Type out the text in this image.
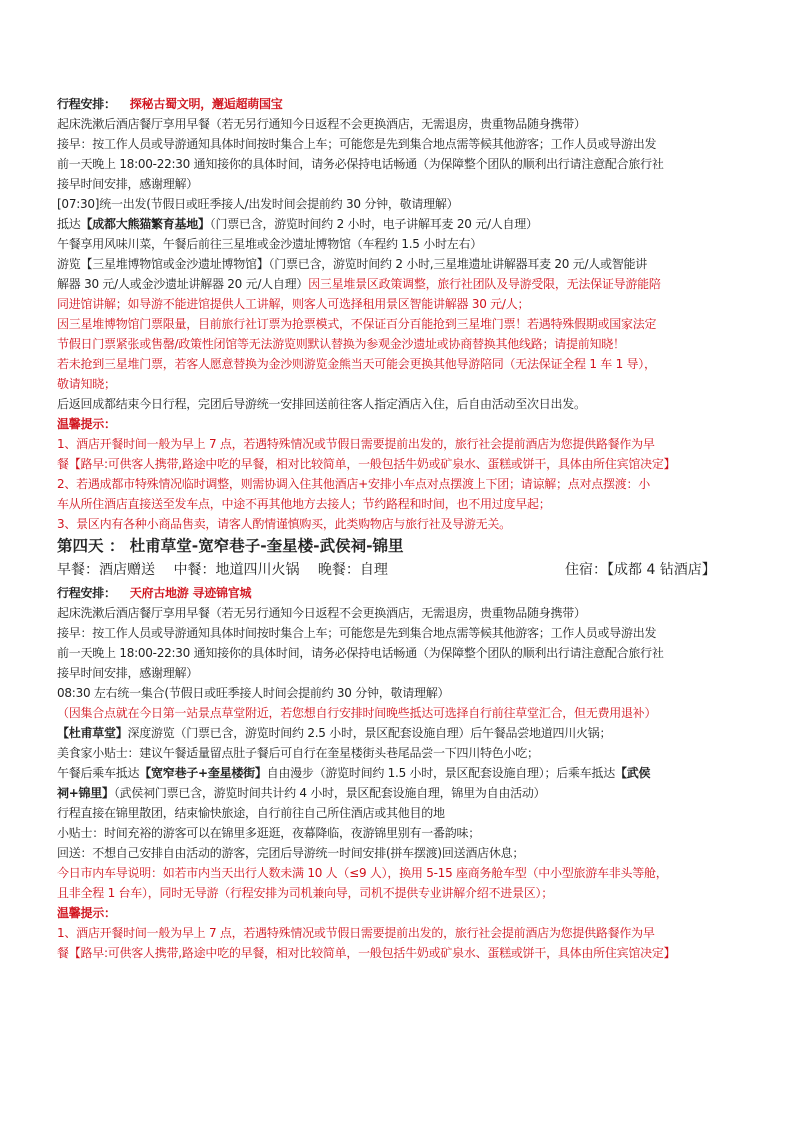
行程安排： 探秘古蜀文明，邂逅超萌国宝

起床洗漱后酒店餐厅享用早餐（若无另行通知今日返程不会更换酒店，无需退房，贵重物品随身携带）

接早：按工作人员或导游通知具体时间按时集合上车；可能您是先到集合地点需等候其他游客；工作人员或导游出发

前一天晚上 18:00-22:30 通知接你的具体时间，请务必保持电话畅通（为保障整个团队的顺利出行请注意配合旅行社

接早时间安排，感谢理解）

[07:30]统一出发(节假日或旺季接人/出发时间会提前约 30 分钟，敬请理解）

抵达【成都大熊猫繁育基地】（门票已含，游览时间约 2 小时，电子讲解耳麦 20 元/人自理）

午餐享用风味川菜，午餐后前往三星堆或金沙遗址博物馆（车程约 1.5 小时左右）

游览【三星堆博物馆或金沙遗址博物馆】（门票已含，游览时间约 2 小时,三星堆遗址讲解器耳麦 20 元/人或智能讲

解器 30 元/人或金沙遗址讲解器 20 元/人自理）因三星堆景区政策调整，旅行社团队及导游受限，无法保证导游能陪

同进馆讲解；如导游不能进馆提供人工讲解，则客人可选择租用景区智能讲解器 30 元/人；

因三星堆博物馆门票限量，目前旅行社订票为抢票模式，不保证百分百能抢到三星堆门票！若遇特殊假期或国家法定

节假日门票紧张或售罄/政策性闭馆等无法游览则默认替换为参观金沙遗址或协商替换其他线路；请提前知晓！

若未抢到三星堆门票，若客人愿意替换为金沙则游览金熊当天可能会更换其他导游陪同（无法保证全程 1 车 1 导），

敬请知晓；

后返回成都结束今日行程，完团后导游统一安排回送前往客人指定酒店入住，后自由活动至次日出发。

温馨提示：

1、酒店开餐时间一般为早上 7 点，若遇特殊情况或节假日需要提前出发的，旅行社会提前酒店为您提供路餐作为早

餐【路早:可供客人携带,路途中吃的早餐，相对比较简单，一般包括牛奶或矿泉水、蛋糕或饼干，具体由所住宾馆决定】

2、若遇成都市特殊情况临时调整，则需协调入住其他酒店+安排小车点对点摆渡上下团；请谅解；点对点摆渡：小

车从所住酒店直接送至发车点，中途不再其他地方去接人；节约路程和时间，也不用过度早起；

3、景区内有各种小商品售卖，请客人酌情谨慎购买，此类购物店与旅行社及导游无关。

第四天 ： 杜甫草堂-宽窄巷子-奎星楼-武侯祠-锦里

早餐：酒店赠送 中餐：地道四川火锅 晚餐：自理	住宿：【成都 4 钻酒店】

行程安排： 天府古地游 寻迹锦官城

起床洗漱后酒店餐厅享用早餐（若无另行通知今日返程不会更换酒店，无需退房，贵重物品随身携带）

接早：按工作人员或导游通知具体时间按时集合上车；可能您是先到集合地点需等候其他游客；工作人员或导游出发

前一天晚上 18:00-22:30 通知接你的具体时间，请务必保持电话畅通（为保障整个团队的顺利出行请注意配合旅行社

接早时间安排，感谢理解）

08:30 左右统一集合(节假日或旺季接人时间会提前约 30 分钟，敬请理解）

（因集合点就在今日第一站景点草堂附近，若您想自行安排时间晚些抵达可选择自行前往草堂汇合，但无费用退补）

【杜甫草堂】深度游览（门票已含，游览时间约 2.5 小时，景区配套设施自理）后午餐品尝地道四川火锅；

美食家小贴士：建议午餐适量留点肚子餐后可自行在奎星楼街头巷尾品尝一下四川特色小吃；

午餐后乘车抵达【宽窄巷子+奎星楼街】自由漫步（游览时间约 1.5 小时，景区配套设施自理）；后乘车抵达【武侯

祠+锦里】（武侯祠门票已含，游览时间共计约 4 小时，景区配套设施自理，锦里为自由活动）

行程直接在锦里散团，结束愉快旅途，自行前往自己所住酒店或其他目的地

小贴士：时间充裕的游客可以在锦里多逛逛，夜幕降临，夜游锦里别有一番韵味；

回送：不想自己安排自由活动的游客，完团后导游统一时间安排(拼车摆渡)回送酒店休息；

今日市内车导说明：如若市内当天出行人数未满 10 人（≤9 人），换用 5-15 座商务舱车型（中小型旅游车非头等舱，

且非全程 1 台车），同时无导游（行程安排为司机兼向导，司机不提供专业讲解介绍不进景区）；

温馨提示：

1、酒店开餐时间一般为早上 7 点，若遇特殊情况或节假日需要提前出发的，旅行社会提前酒店为您提供路餐作为早

餐【路早:可供客人携带,路途中吃的早餐，相对比较简单，一般包括牛奶或矿泉水、蛋糕或饼干，具体由所住宾馆决定】
